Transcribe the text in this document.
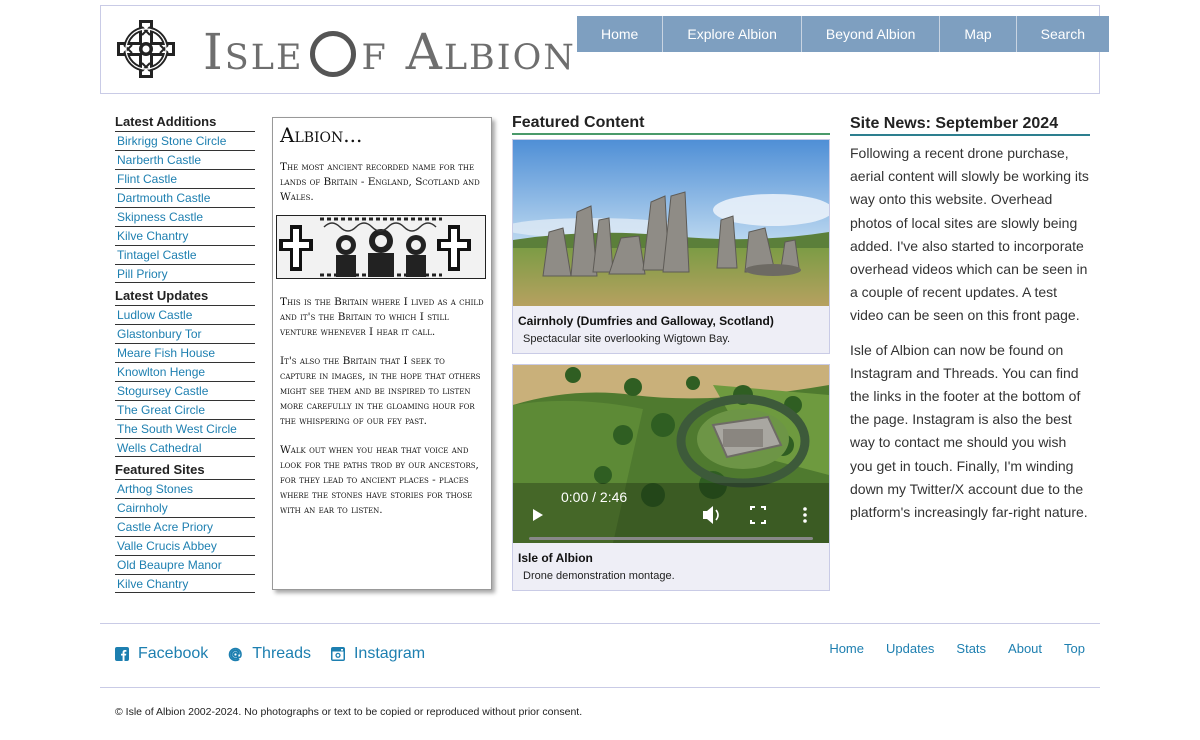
Isle f Albion	Home	Explore Albion	Beyond Albion	Map	Search
Latest Additions
Birkrigg Stone Circle
Narberth Castle
Flint Castle
Dartmouth Castle
Skipness Castle
Kilve Chantry
Tintagel Castle
Pill Priory
Latest Updates
Ludlow Castle
Glastonbury Tor
Meare Fish House
Knowlton Henge
Stogursey Castle
The Great Circle
The South West Circle
Wells Cathedral
Featured Sites
Arthog Stones
Cairnholy
Castle Acre Priory
Valle Crucis Abbey
Old Beaupre Manor
Kilve Chantry
Albion...

The most ancient recorded name for the lands of Britain - England, Scotland and Wales.

This is the Britain where I lived as a child and it's the Britain to which I still venture whenever I hear it call.

It's also the Britain that I seek to capture in images, in the hope that others might see them and be inspired to listen more carefully in the gloaming hour for the whispering of our fey past.

Walk out when you hear that voice and look for the paths trod by our ancestors, for they lead to ancient places - places where the stones have stories for those with an ear to listen.

Featured Content
Cairnholy (Dumfries and Galloway, Scotland)
Spectacular site overlooking Wigtown Bay.
0:00 / 2:46
Isle of Albion
Drone demonstration montage.
Site News: September 2024

Following a recent drone purchase, aerial content will slowly be working its way onto this website. Overhead photos of local sites are slowly being added. I've also started to incorporate overhead videos which can be seen in a couple of recent updates. A test video can be seen on this front page.

Isle of Albion can now be found on Instagram and Threads. You can find the links in the footer at the bottom of the page. Instagram is also the best way to contact me should you wish you get in touch. Finally, I'm winding down my Twitter/X account due to the platform's increasingly far-right nature.

Facebook	Threads	Instagram	Home Updates Stats About Top
© Isle of Albion 2002-2024. No photographs or text to be copied or reproduced without prior consent.
